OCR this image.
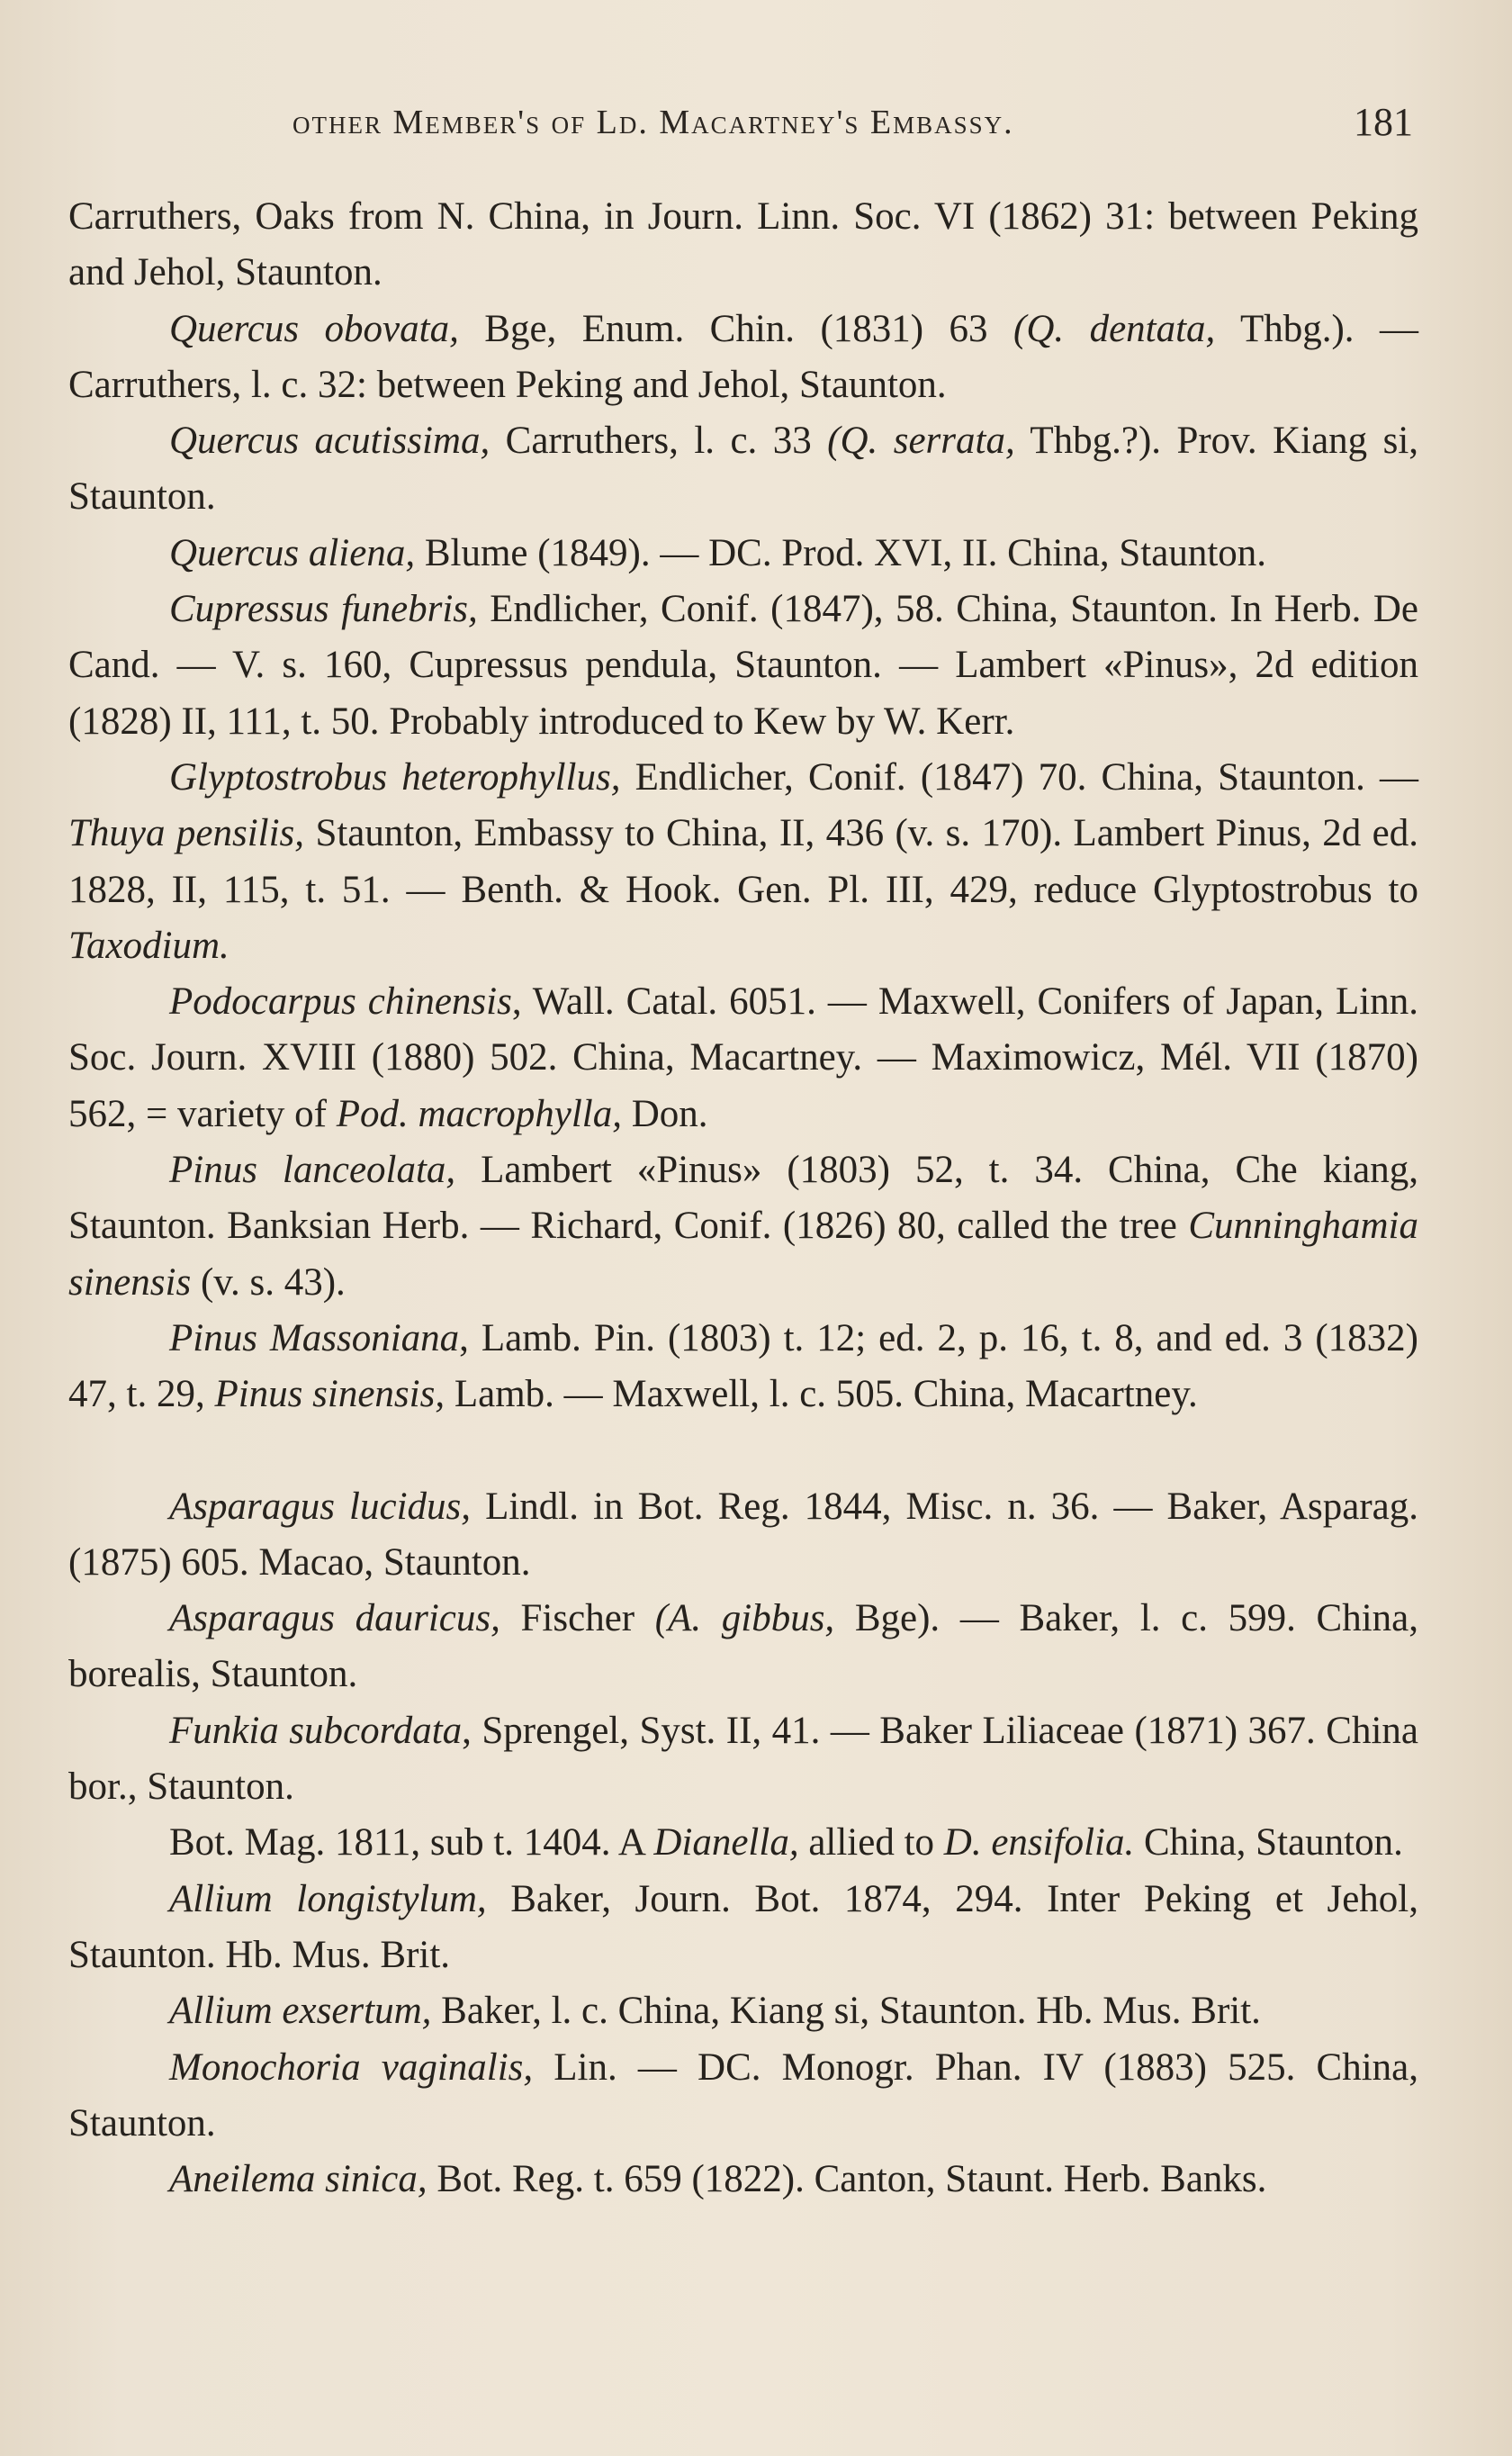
other Member's of Ld. Macartney's Embassy.	181

Carruthers, Oaks from N. China, in Journ. Linn. Soc. VI (1862) 31: between Peking and Jehol, Staunton.

Quercus obovata, Bge, Enum. Chin. (1831) 63 (Q. dentata, Thbg.). — Carruthers, l. c. 32: between Peking and Jehol, Staunton.

Quercus acutissima, Carruthers, l. c. 33 (Q. serrata, Thbg.?). Prov. Kiang si, Staunton.

Quercus aliena, Blume (1849). — DC. Prod. XVI, II. China, Staunton.

Cupressus funebris, Endlicher, Conif. (1847), 58. China, Staunton. In Herb. De Cand. — V. s. 160, Cupressus pendula, Staunton. — Lambert «Pinus», 2d edition (1828) II, 111, t. 50. Probably introduced to Kew by W. Kerr.

Glyptostrobus heterophyllus, Endlicher, Conif. (1847) 70. China, Staunton. — Thuya pensilis, Staunton, Embassy to China, II, 436 (v. s. 170). Lambert Pinus, 2d ed. 1828, II, 115, t. 51. — Benth. & Hook. Gen. Pl. III, 429, reduce Glyptostrobus to Taxodium.

Podocarpus chinensis, Wall. Catal. 6051. — Maxwell, Conifers of Japan, Linn. Soc. Journ. XVIII (1880) 502. China, Macartney. — Maximowicz, Mél. VII (1870) 562, = variety of Pod. macrophylla, Don.

Pinus lanceolata, Lambert «Pinus» (1803) 52, t. 34. China, Che kiang, Staunton. Banksian Herb. — Richard, Conif. (1826) 80, called the tree Cunninghamia sinensis (v. s. 43).

Pinus Massoniana, Lamb. Pin. (1803) t. 12; ed. 2, p. 16, t. 8, and ed. 3 (1832) 47, t. 29, Pinus sinensis, Lamb. — Maxwell, l. c. 505. China, Macartney.

Asparagus lucidus, Lindl. in Bot. Reg. 1844, Misc. n. 36. — Baker, Asparag. (1875) 605. Macao, Staunton.

Asparagus dauricus, Fischer (A. gibbus, Bge). — Baker, l. c. 599. China, borealis, Staunton.

Funkia subcordata, Sprengel, Syst. II, 41. — Baker Liliaceae (1871) 367. China bor., Staunton.

Bot. Mag. 1811, sub t. 1404. A Dianella, allied to D. ensifolia. China, Staunton.

Allium longistylum, Baker, Journ. Bot. 1874, 294. Inter Peking et Jehol, Staunton. Hb. Mus. Brit.

Allium exsertum, Baker, l. c. China, Kiang si, Staunton. Hb. Mus. Brit.

Monochoria vaginalis, Lin. — DC. Monogr. Phan. IV (1883) 525. China, Staunton.

Aneilema sinica, Bot. Reg. t. 659 (1822). Canton, Staunt. Herb. Banks.
